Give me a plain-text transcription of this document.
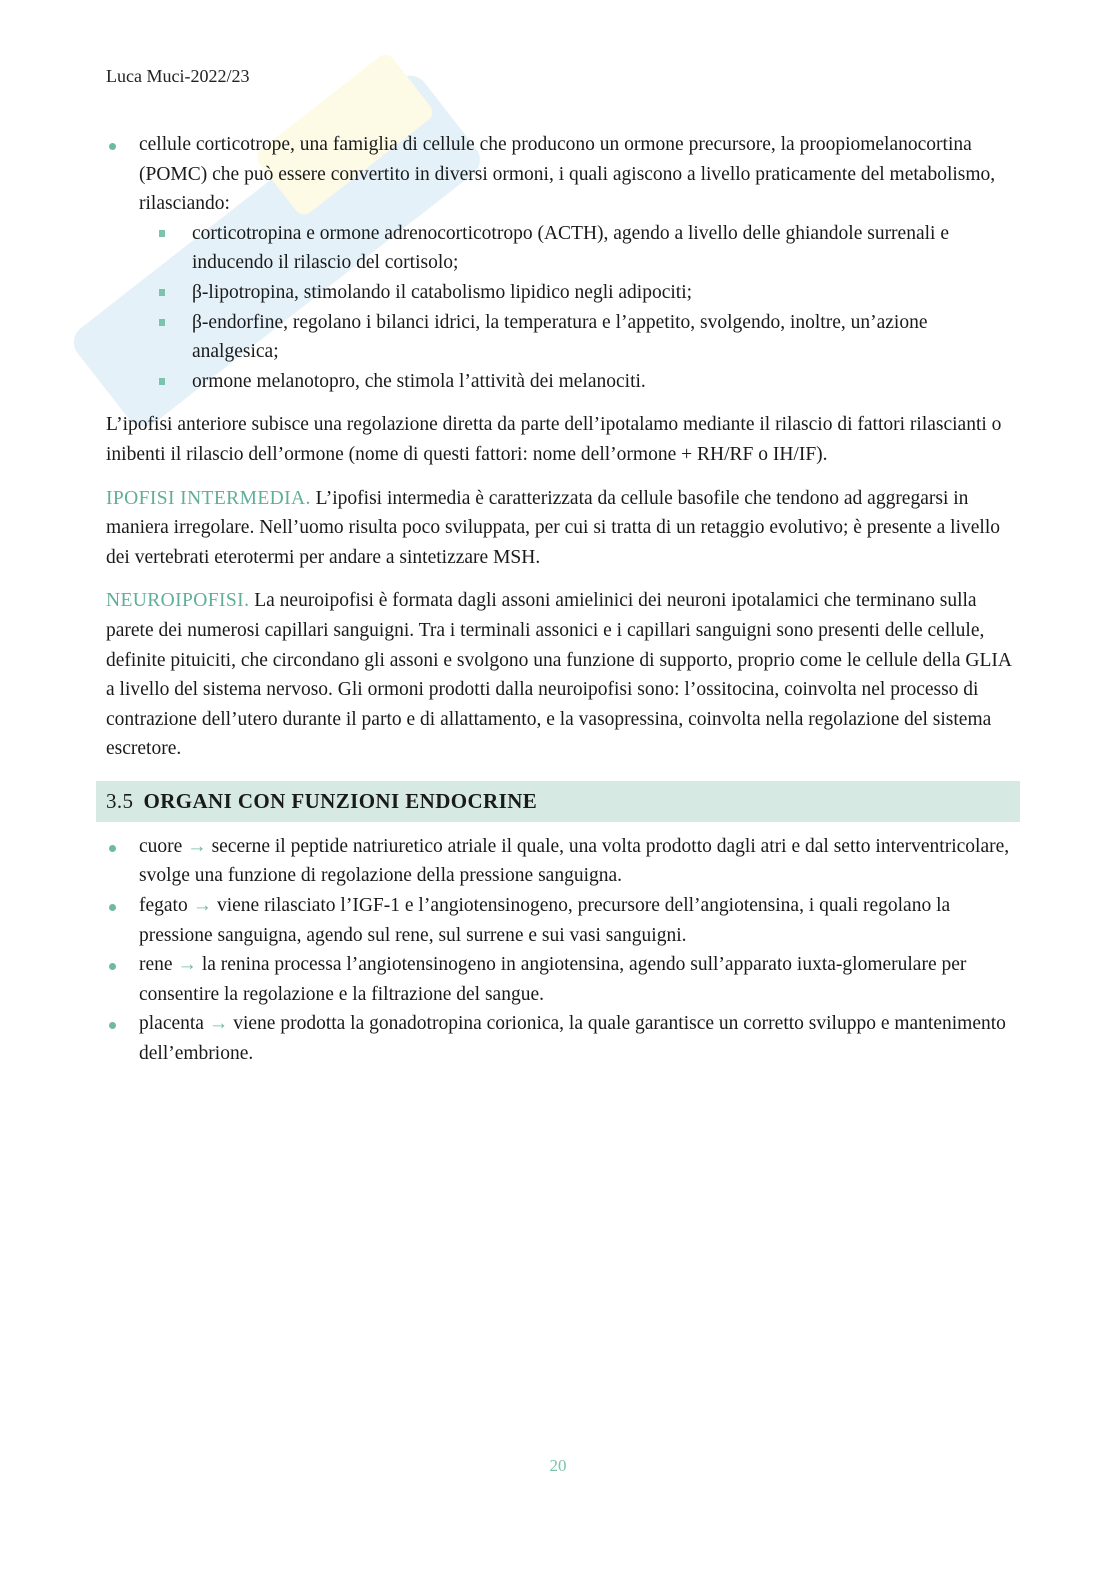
Luca Muci-2022/23
cellule corticotrope, una famiglia di cellule che producono un ormone precursore, la proopiomelanocortina (POMC) che può essere convertito in diversi ormoni, i quali agiscono a livello praticamente del metabolismo, rilasciando:
corticotropina e ormone adrenocorticotropo (ACTH), agendo a livello delle ghiandole surrenali e inducendo il rilascio del cortisolo;
β-lipotropina, stimolando il catabolismo lipidico negli adipociti;
β-endorfine, regolano i bilanci idrici, la temperatura e l’appetito, svolgendo, inoltre, un’azione analgesica;
ormone melanotopro, che stimola l’attività dei melanociti.

L’ipofisi anteriore subisce una regolazione diretta da parte dell’ipotalamo mediante il rilascio di fattori rilascianti o inibenti il rilascio dell’ormone (nome di questi fattori: nome dell’ormone + RH/RF o IH/IF).

IPOFISI INTERMEDIA. L’ipofisi intermedia è caratterizzata da cellule basofile che tendono ad aggregarsi in maniera irregolare. Nell’uomo risulta poco sviluppata, per cui si tratta di un retaggio evolutivo; è presente a livello dei vertebrati eterotermi per andare a sintetizzare MSH.

NEUROIPOFISI. La neuroipofisi è formata dagli assoni amielinici dei neuroni ipotalamici che terminano sulla parete dei numerosi capillari sanguigni. Tra i terminali assonici e i capillari sanguigni sono presenti delle cellule, definite pituiciti, che circondano gli assoni e svolgono una funzione di supporto, proprio come le cellule della GLIA a livello del sistema nervoso. Gli ormoni prodotti dalla neuroipofisi sono: l’ossitocina, coinvolta nel processo di contrazione dell’utero durante il parto e di allattamento, e la vasopressina, coinvolta nella regolazione del sistema escretore.

3.5 ORGANI CON FUNZIONI ENDOCRINE
cuore → secerne il peptide natriuretico atriale il quale, una volta prodotto dagli atri e dal setto interventricolare, svolge una funzione di regolazione della pressione sanguigna.
fegato → viene rilasciato l’IGF-1 e l’angiotensinogeno, precursore dell’angiotensina, i quali regolano la pressione sanguigna, agendo sul rene, sul surrene e sui vasi sanguigni.
rene → la renina processa l’angiotensinogeno in angiotensina, agendo sull’apparato iuxta-glomerulare per consentire la regolazione e la filtrazione del sangue.
placenta → viene prodotta la gonadotropina corionica, la quale garantisce un corretto sviluppo e mantenimento dell’embrione.
20
